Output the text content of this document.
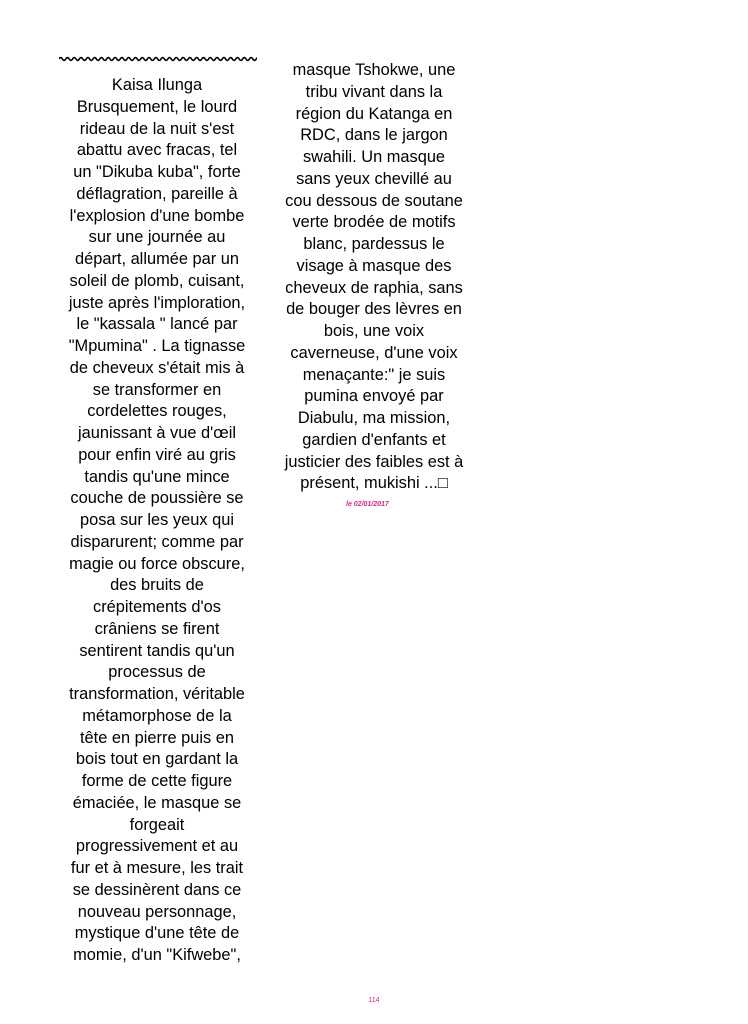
Kaisa Ilunga
Brusquement, le lourd
rideau de la nuit s'est
abattu avec fracas, tel
un "Dikuba kuba", forte
déflagration, pareille à
l'explosion d'une bombe
sur une journée au
départ, allumée par un
soleil de plomb, cuisant,
juste après l'imploration,
le "kassala " lancé par
"Mpumina" . La tignasse
de cheveux s'était mis à
se transformer en
cordelettes rouges,
jaunissant à vue d'œil
pour enfin viré au gris
tandis qu'une mince
couche de poussière se
posa sur les yeux qui
disparurent; comme par
magie ou force obscure,
des bruits de
crépitements d'os
crâniens se firent
sentirent tandis qu'un
processus de
transformation, véritable
métamorphose de la
tête en pierre puis en
bois tout en gardant la
forme de cette figure
émaciée, le masque se
forgeait
progressivement et au
fur et à mesure, les trait
se dessinèrent dans ce
nouveau personnage,
mystique d'une tête de
momie, d'un "Kifwebe",
masque Tshokwe, une
tribu vivant dans la
région du Katanga en
RDC, dans le jargon
swahili. Un masque
sans yeux chevillé au
cou dessous de soutane
verte brodée de motifs
blanc, pardessus le
visage à masque des
cheveux de raphia, sans
de bouger des lèvres en
bois, une voix
caverneuse, d'une voix
menaçante:" je suis
pumina envoyé par
Diabulu, ma mission,
gardien d'enfants et
justicier des faibles est à
présent, mukishi ...□
le 02/01/2017
114
